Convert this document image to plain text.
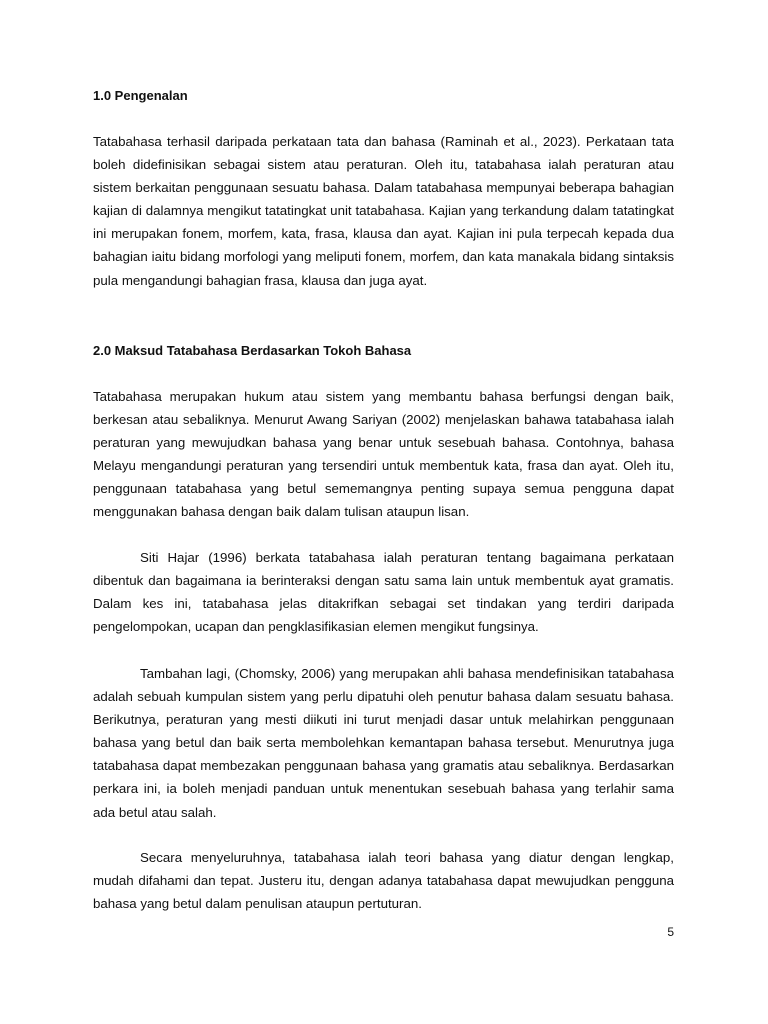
1.0 Pengenalan

Tatabahasa terhasil daripada perkataan tata dan bahasa (Raminah et al., 2023). Perkataan tata boleh didefinisikan sebagai sistem atau peraturan. Oleh itu, tatabahasa ialah peraturan atau sistem berkaitan penggunaan sesuatu bahasa. Dalam tatabahasa mempunyai beberapa bahagian kajian di dalamnya mengikut tatatingkat unit tatabahasa. Kajian yang terkandung dalam tatatingkat ini merupakan fonem, morfem, kata, frasa, klausa dan ayat. Kajian ini pula terpecah kepada dua bahagian iaitu bidang morfologi yang meliputi fonem, morfem, dan kata manakala bidang sintaksis pula mengandungi bahagian frasa, klausa dan juga ayat.

2.0 Maksud Tatabahasa Berdasarkan Tokoh Bahasa

Tatabahasa merupakan hukum atau sistem yang membantu bahasa berfungsi dengan baik, berkesan atau sebaliknya. Menurut Awang Sariyan (2002) menjelaskan bahawa tatabahasa ialah peraturan yang mewujudkan bahasa yang benar untuk sesebuah bahasa. Contohnya, bahasa Melayu mengandungi peraturan yang tersendiri untuk membentuk kata, frasa dan ayat. Oleh itu, penggunaan tatabahasa yang betul sememangnya penting supaya semua pengguna dapat menggunakan bahasa dengan baik dalam tulisan ataupun lisan.

Siti Hajar (1996) berkata tatabahasa ialah peraturan tentang bagaimana perkataan dibentuk dan bagaimana ia berinteraksi dengan satu sama lain untuk membentuk ayat gramatis. Dalam kes ini, tatabahasa jelas ditakrifkan sebagai set tindakan yang terdiri daripada pengelompokan, ucapan dan pengklasifikasian elemen mengikut fungsinya.

Tambahan lagi, (Chomsky, 2006) yang merupakan ahli bahasa mendefinisikan tatabahasa adalah sebuah kumpulan sistem yang perlu dipatuhi oleh penutur bahasa dalam sesuatu bahasa. Berikutnya, peraturan yang mesti diikuti ini turut menjadi dasar untuk melahirkan penggunaan bahasa yang betul dan baik serta membolehkan kemantapan bahasa tersebut. Menurutnya juga tatabahasa dapat membezakan penggunaan bahasa yang gramatis atau sebaliknya. Berdasarkan perkara ini, ia boleh menjadi panduan untuk menentukan sesebuah bahasa yang terlahir sama ada betul atau salah.

Secara menyeluruhnya, tatabahasa ialah teori bahasa yang diatur dengan lengkap, mudah difahami dan tepat. Justeru itu, dengan adanya tatabahasa dapat mewujudkan pengguna bahasa yang betul dalam penulisan ataupun pertuturan.

5
